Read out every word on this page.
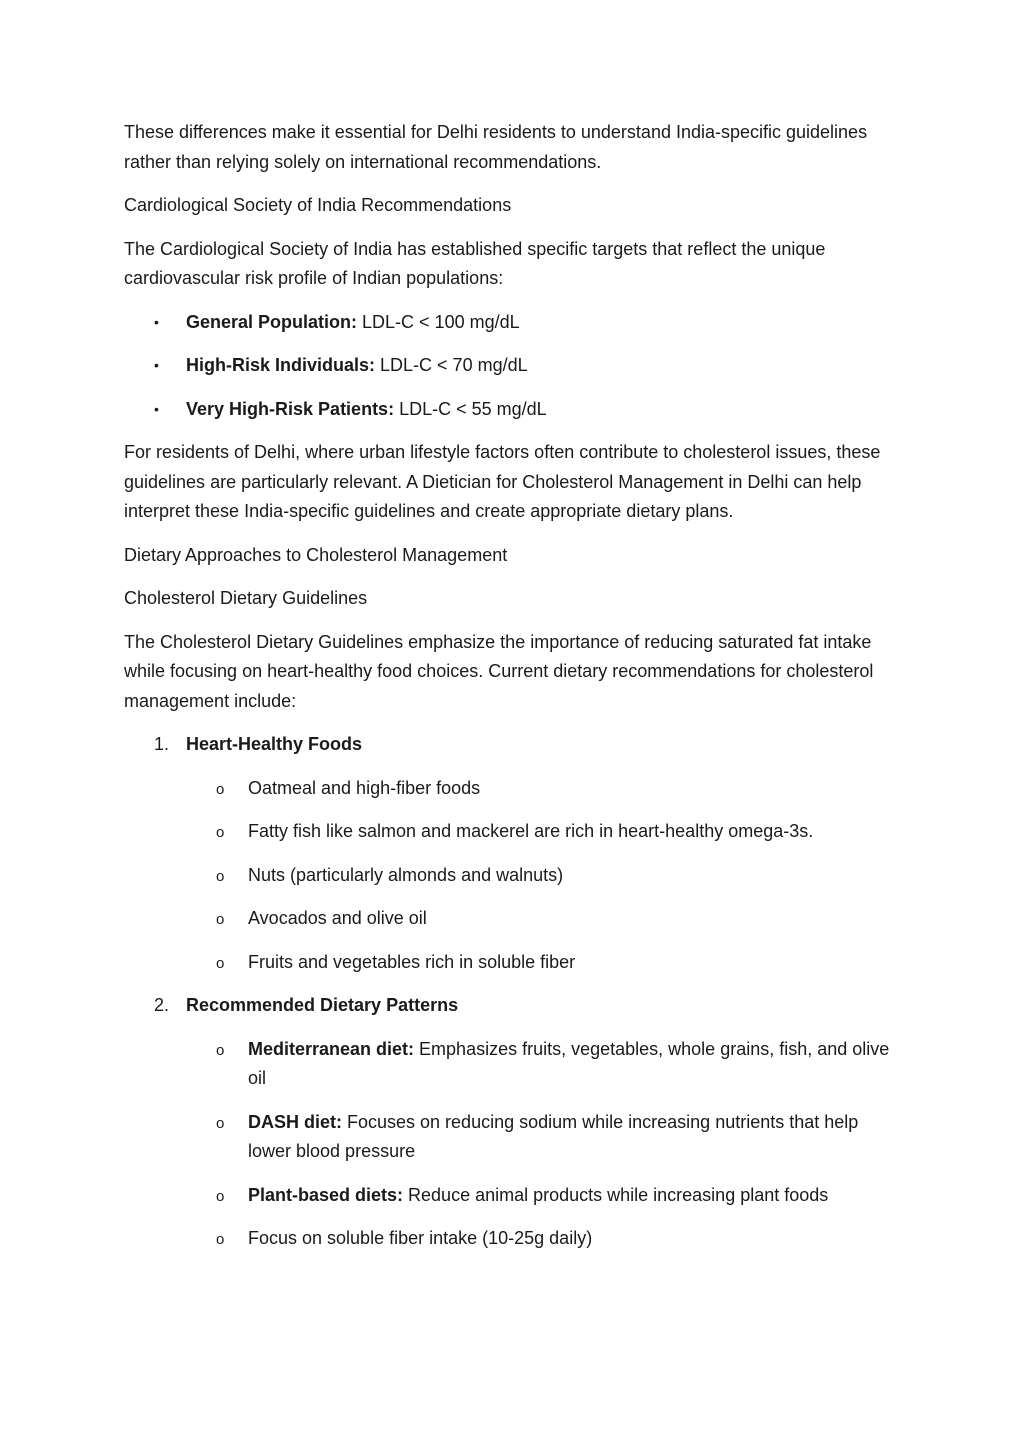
These differences make it essential for Delhi residents to understand India-specific guidelines rather than relying solely on international recommendations.

Cardiological Society of India Recommendations

The Cardiological Society of India has established specific targets that reflect the unique cardiovascular risk profile of Indian populations:

• General Population: LDL-C < 100 mg/dL
• High-Risk Individuals: LDL-C < 70 mg/dL
• Very High-Risk Patients: LDL-C < 55 mg/dL

For residents of Delhi, where urban lifestyle factors often contribute to cholesterol issues, these guidelines are particularly relevant. A Dietician for Cholesterol Management in Delhi can help interpret these India-specific guidelines and create appropriate dietary plans.

Dietary Approaches to Cholesterol Management

Cholesterol Dietary Guidelines

The Cholesterol Dietary Guidelines emphasize the importance of reducing saturated fat intake while focusing on heart-healthy food choices. Current dietary recommendations for cholesterol management include:

1. Heart-Healthy Foods
o Oatmeal and high-fiber foods
o Fatty fish like salmon and mackerel are rich in heart-healthy omega-3s.
o Nuts (particularly almonds and walnuts)
o Avocados and olive oil
o Fruits and vegetables rich in soluble fiber
2. Recommended Dietary Patterns
o Mediterranean diet: Emphasizes fruits, vegetables, whole grains, fish, and olive oil
o DASH diet: Focuses on reducing sodium while increasing nutrients that help lower blood pressure
o Plant-based diets: Reduce animal products while increasing plant foods
o Focus on soluble fiber intake (10-25g daily)
